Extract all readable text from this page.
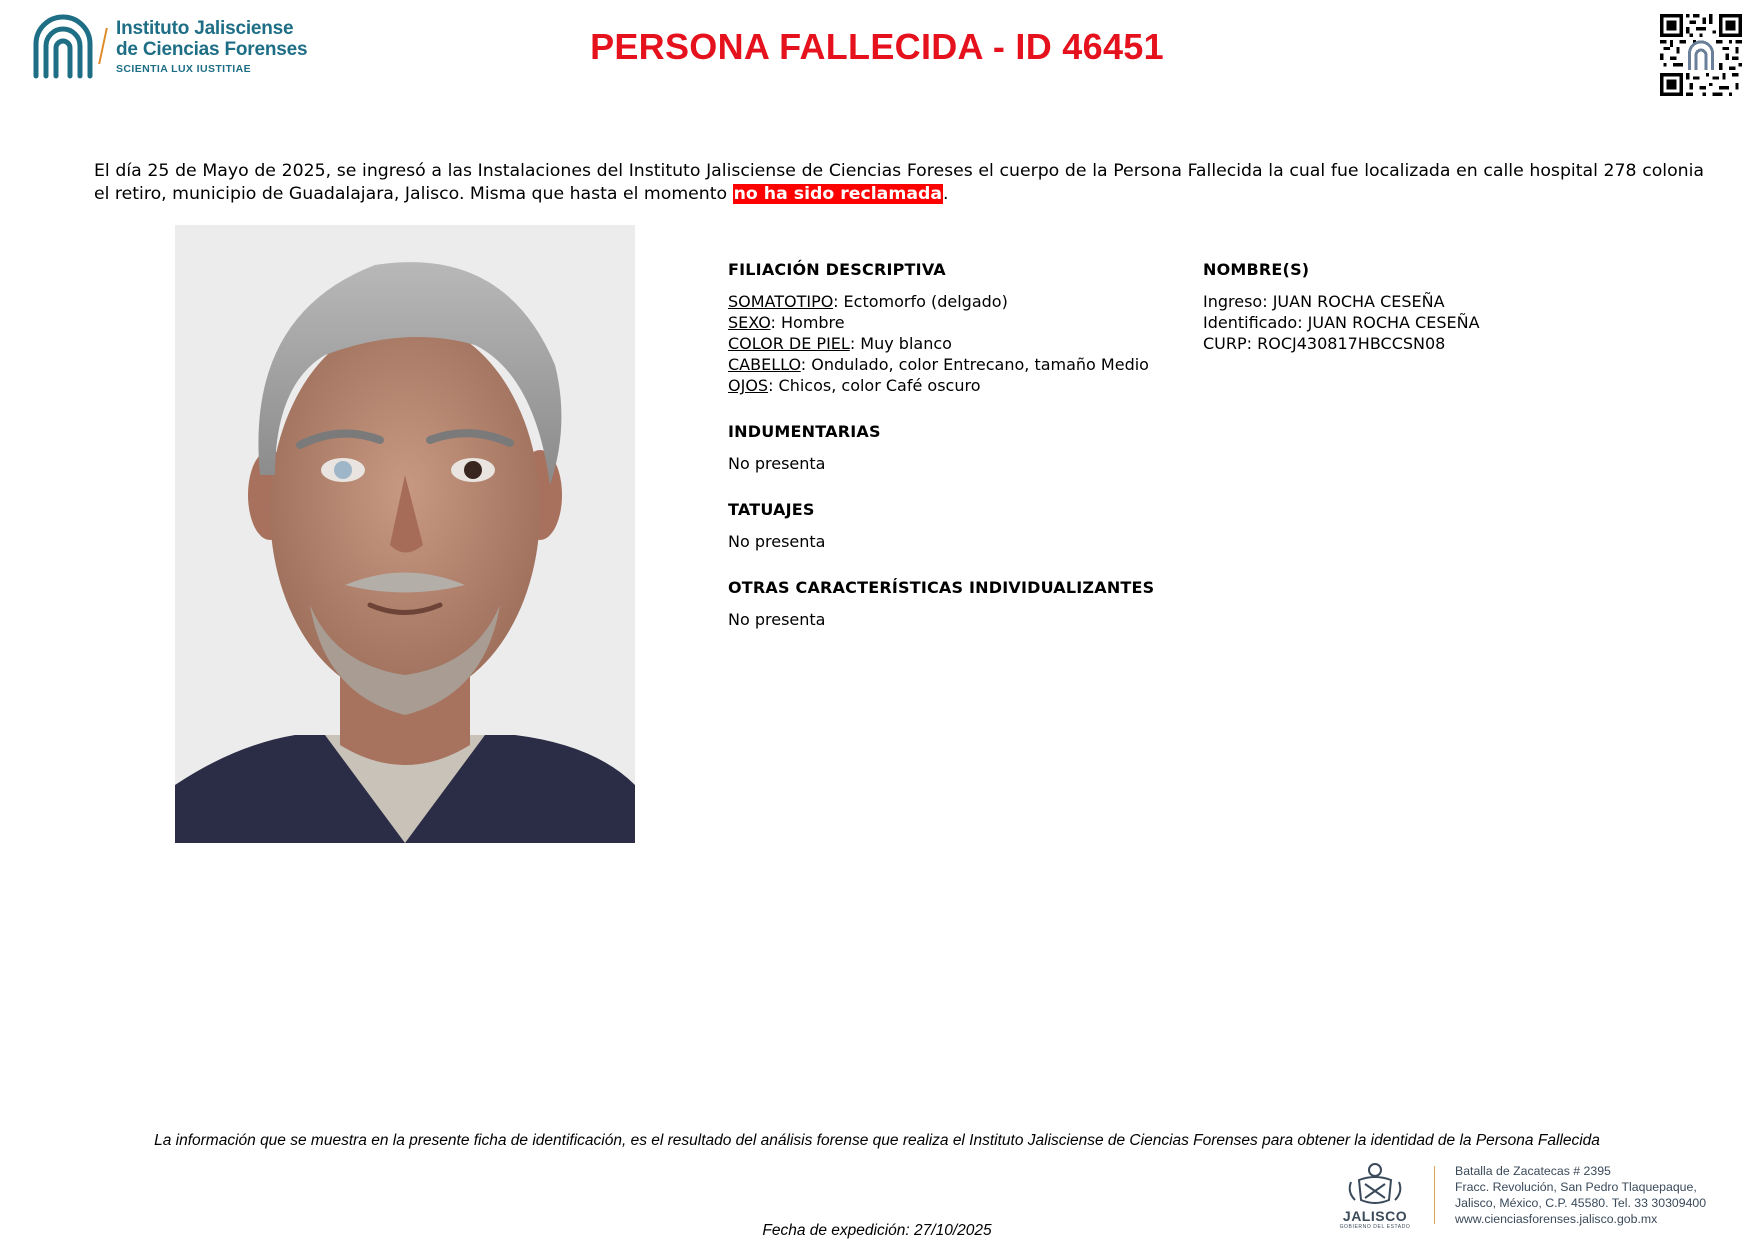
Instituto Jalisciense
de Ciencias Forenses
SCIENTIA LUX IUSTITIAE
PERSONA FALLECIDA - ID 46451
El día 25 de Mayo de 2025, se ingresó a las Instalaciones del Instituto Jalisciense de Ciencias Foreses el cuerpo de la Persona Fallecida la cual fue localizada en calle hospital 278 colonia el retiro, municipio de Guadalajara, Jalisco. Misma que hasta el momento no ha sido reclamada.
FILIACIÓN DESCRIPTIVA
SOMATOTIPO: Ectomorfo (delgado)
SEXO: Hombre
COLOR DE PIEL: Muy blanco
CABELLO: Ondulado, color Entrecano, tamaño Medio
OJOS: Chicos, color Café oscuro
INDUMENTARIAS
No presenta
TATUAJES
No presenta
OTRAS CARACTERÍSTICAS INDIVIDUALIZANTES
No presenta
NOMBRE(S)
Ingreso: JUAN ROCHA CESEÑA
Identificado: JUAN ROCHA CESEÑA
CURP: ROCJ430817HBCCSN08
La información que se muestra en la presente ficha de identificación, es el resultado del análisis forense que realiza el Instituto Jalisciense de Ciencias Forenses para obtener la identidad de la Persona Fallecida
Fecha de expedición: 27/10/2025
JALISCO
GOBIERNO DEL ESTADO
Batalla de Zacatecas # 2395
Fracc. Revolución, San Pedro Tlaquepaque,
Jalisco, México, C.P. 45580. Tel. 33 30309400
www.cienciasforenses.jalisco.gob.mx
